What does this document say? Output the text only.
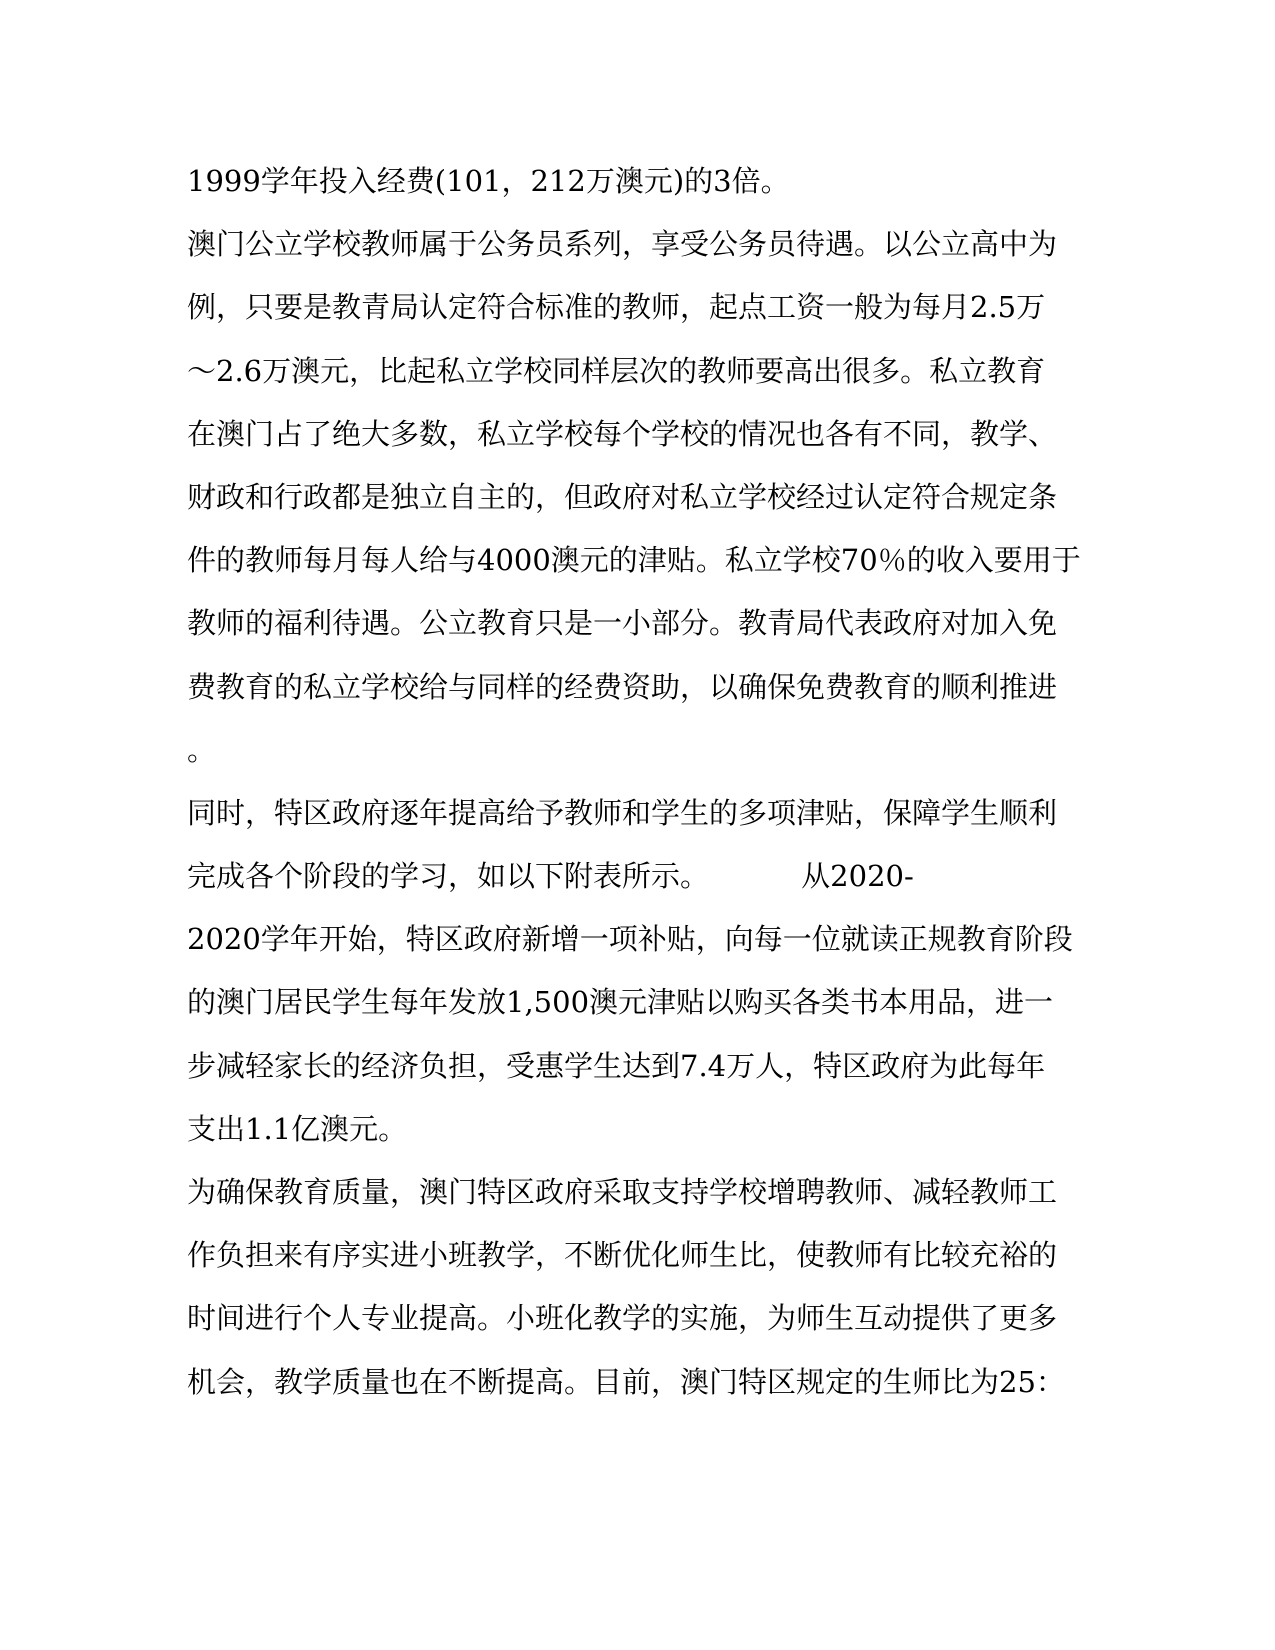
1999学年投入经费(101，212万澳元)的3倍。
澳门公立学校教师属于公务员系列，享受公务员待遇。以公立高中为
例，只要是教青局认定符合标准的教师，起点工资一般为每月2.5万
～2.6万澳元，比起私立学校同样层次的教师要高出很多。私立教育
在澳门占了绝大多数，私立学校每个学校的情况也各有不同，教学、
财政和行政都是独立自主的，但政府对私立学校经过认定符合规定条
件的教师每月每人给与4000澳元的津贴。私立学校70％的收入要用于
教师的福利待遇。公立教育只是一小部分。教青局代表政府对加入免
费教育的私立学校给与同样的经费资助，以确保免费教育的顺利推进
。
同时，特区政府逐年提高给予教师和学生的多项津贴，保障学生顺利
完成各个阶段的学习，如以下附表所示。          从2020-
2020学年开始，特区政府新增一项补贴，向每一位就读正规教育阶段
的澳门居民学生每年发放1,500澳元津贴以购买各类书本用品，进一
步减轻家长的经济负担，受惠学生达到7.4万人，特区政府为此每年
支出1.1亿澳元。
为确保教育质量，澳门特区政府采取支持学校增聘教师、减轻教师工
作负担来有序实进小班教学，不断优化师生比，使教师有比较充裕的
时间进行个人专业提高。小班化教学的实施，为师生互动提供了更多
机会，教学质量也在不断提高。目前，澳门特区规定的生师比为25：
